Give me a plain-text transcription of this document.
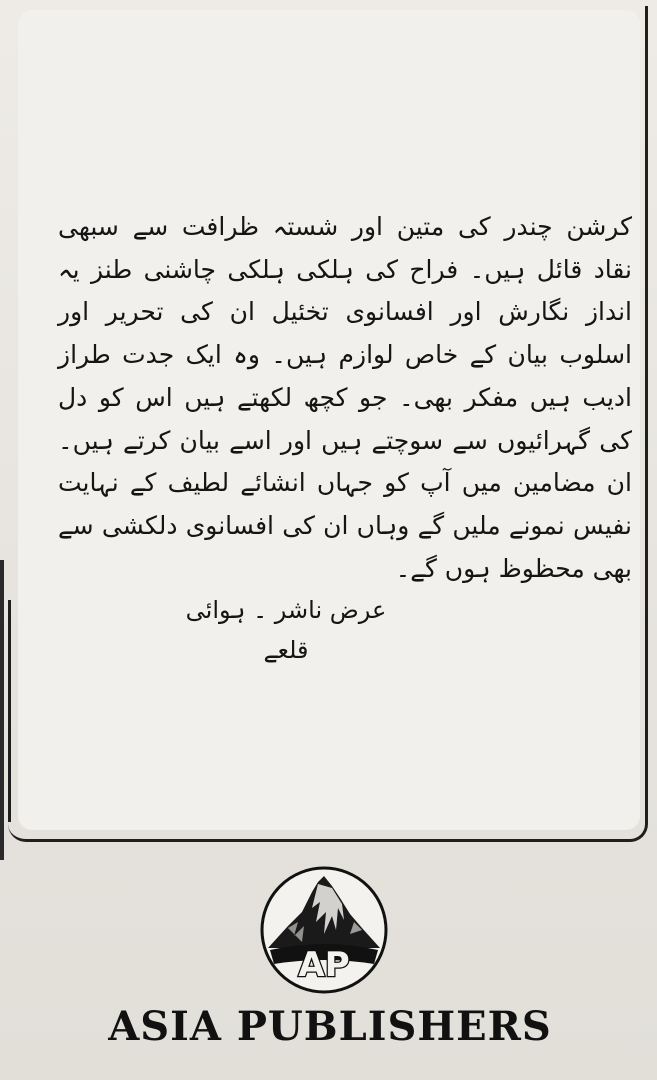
کرشن چندر کی متین اور شستہ ظرافت سے سبھی نقاد قائل ہیں۔ فراح کی ہلکی ہلکی چاشنی طنز یہ انداز نگارش اور افسانوی تخئیل ان کی تحریر اور اسلوب بیان کے خاص لوازم ہیں۔ وہ ایک جدت طراز ادیب ہیں مفکر بھی۔ جو کچھ لکھتے ہیں اس کو دل کی گہرائیوں سے سوچتے ہیں اور اسے بیان کرتے ہیں۔ ان مضامین میں آپ کو جہاں انشائے لطیف کے نہایت نفیس نمونے ملیں گے وہاں ان کی افسانوی دلکشی سے بھی محظوظ ہوں گے۔

عرض ناشر ۔ ہوائی قلعے
AP
ASIA PUBLISHERS
